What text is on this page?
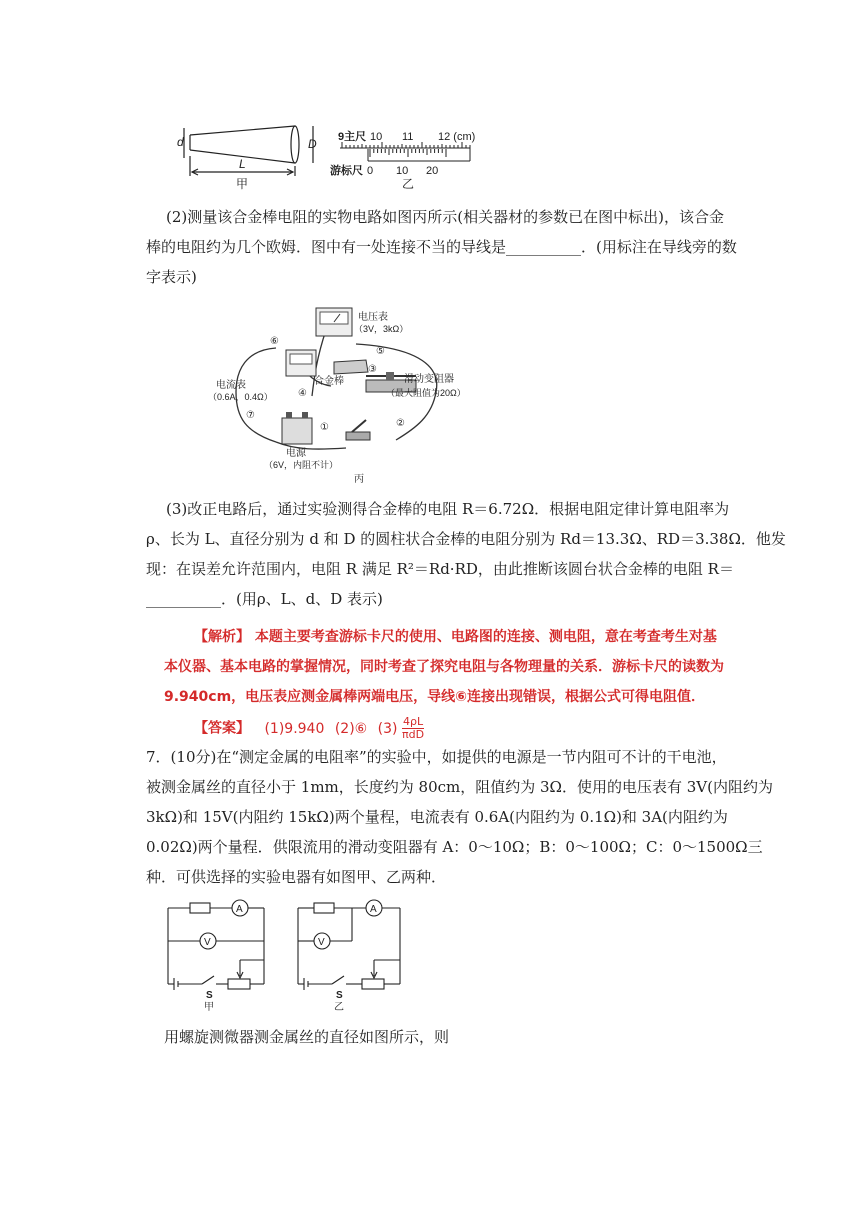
d	D
L
甲
9主尺 10 11 12 (cm)
游标尺 0 10 20
乙
(2)测量该合金棒电阻的实物电路如图丙所示(相关器材的参数已在图中标出)，该合金
棒的电阻约为几个欧姆．图中有一处连接不当的导线是__________．(用标注在导线旁的数
字表示)
电压表
（3V，3kΩ）
电流表
（0.6A，0.4Ω）
合金棒	滑动变阻器
（最大阻值为20Ω）
电源
（6V，内阻不计）
丙
①	②
③
④
⑤
⑥
⑦
(3)改正电路后，通过实验测得合金棒的电阻 R＝6.72Ω．根据电阻定律计算电阻率为
ρ、长为 L、直径分别为 d 和 D 的圆柱状合金棒的电阻分别为 Rd＝13.3Ω、RD＝3.38Ω．他发
现：在误差允许范围内，电阻 R 满足 R²＝Rd·RD，由此推断该圆台状合金棒的电阻 R＝
__________．(用ρ、L、d、D 表示)
【解析】 本题主要考查游标卡尺的使用、电路图的连接、测电阻，意在考查考生对基
本仪器、基本电路的掌握情况，同时考查了探究电阻与各物理量的关系．游标卡尺的读数为
9.940cm，电压表应测金属棒两端电压，导线⑥连接出现错误，根据公式可得电阻值．
【答案】 (1)9.940 (2)⑥ $(3) \frac{4\rho L}{\text{πdD}}$
7．(10分)在“测定金属的电阻率”的实验中，如提供的电源是一节内阻可不计的干电池，
被测金属丝的直径小于 1mm，长度约为 80cm，阻值约为 3Ω．使用的电压表有 3V(内阻约为
3kΩ)和 15V(内阻约 15kΩ)两个量程，电流表有 0.6A(内阻约为 0.1Ω)和 3A(内阻约为
0.02Ω)两个量程．供限流用的滑动变阻器有 A：0～10Ω；B：0～100Ω；C：0～1500Ω三
种．可供选择的实验电器有如图甲、乙两种．
A
V
S
甲
A
V
S
乙
用螺旋测微器测金属丝的直径如图所示，则
